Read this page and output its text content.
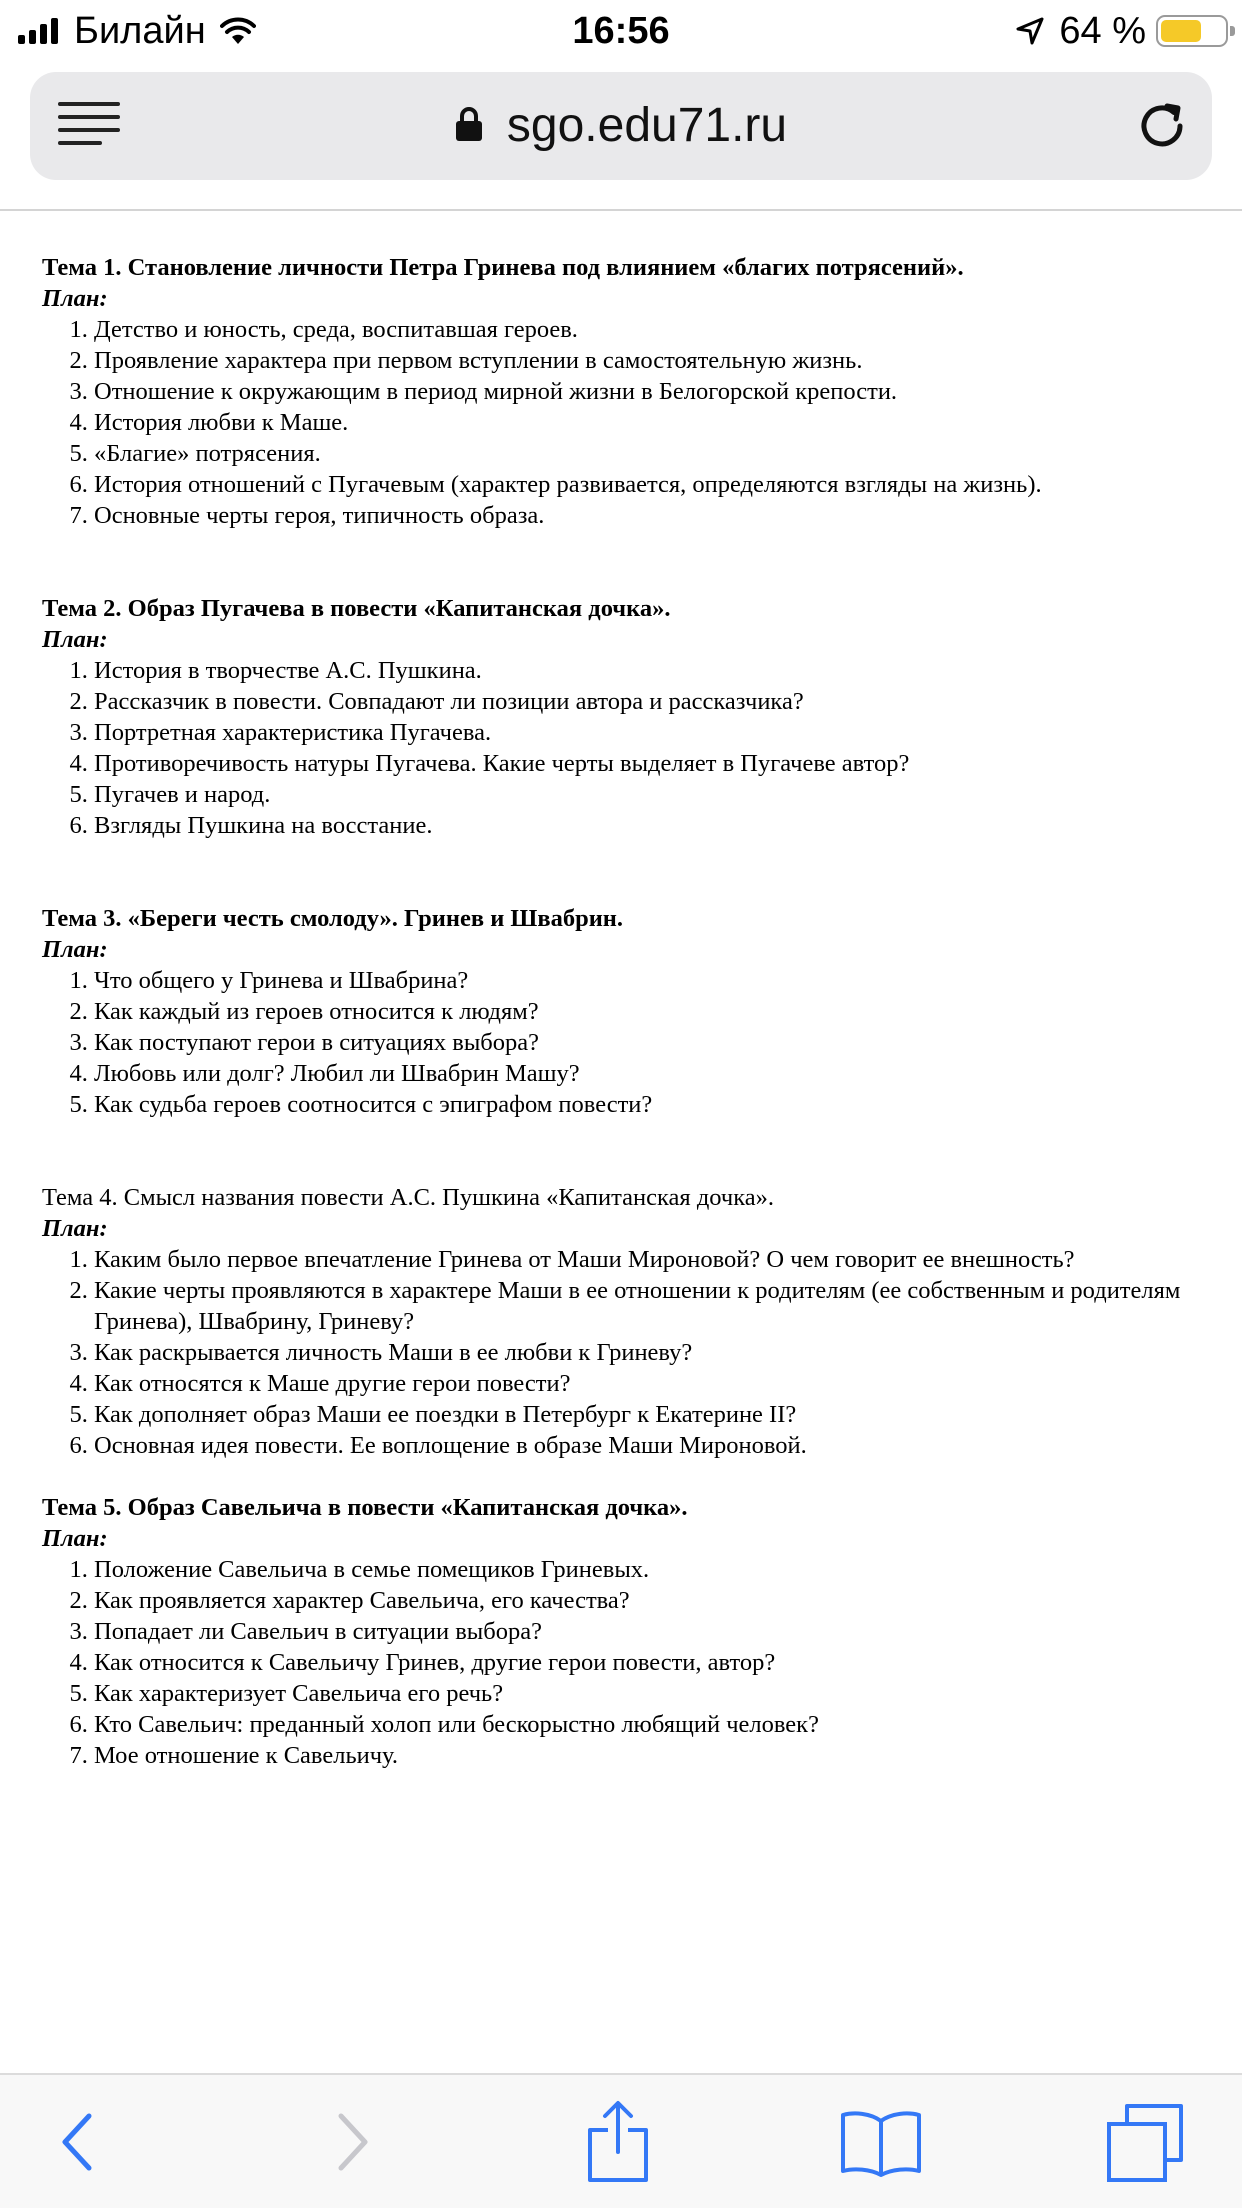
Билайн	16:56	64 %
sgo.edu71.ru
Тема 1. Становление личности Петра Гринева под влиянием «благих потрясений».
План:
1. Детство и юность, среда, воспитавшая героев.
2. Проявление характера при первом вступлении в самостоятельную жизнь.
3. Отношение к окружающим в период мирной жизни в Белогорской крепости.
4. История любви к Маше.
5. «Благие» потрясения.
6. История отношений с Пугачевым (характер развивается, определяются взгляды на жизнь).
7. Основные черты героя, типичность образа.
Тема 2. Образ Пугачева в повести «Капитанская дочка».
План:
1. История в творчестве А.С. Пушкина.
2. Рассказчик в повести. Совпадают ли позиции автора и рассказчика?
3. Портретная характеристика Пугачева.
4. Противоречивость натуры Пугачева. Какие черты выделяет в Пугачеве автор?
5. Пугачев и народ.
6. Взгляды Пушкина на восстание.
Тема 3. «Береги честь смолоду». Гринев и Швабрин.
План:
1. Что общего у Гринева и Швабрина?
2. Как каждый из героев относится к людям?
3. Как поступают герои в ситуациях выбора?
4. Любовь или долг? Любил ли Швабрин Машу?
5. Как судьба героев соотносится с эпиграфом повести?
Тема 4. Смысл названия повести А.С. Пушкина «Капитанская дочка».
План:
1. Каким было первое впечатление Гринева от Маши Мироновой? О чем говорит ее внешность?
2. Какие черты проявляются в характере Маши в ее отношении к родителям (ее собственным и родителям Гринева), Швабрину, Гриневу?
3. Как раскрывается личность Маши в ее любви к Гриневу?
4. Как относятся к Маше другие герои повести?
5. Как дополняет образ Маши ее поездки в Петербург к Екатерине II?
6. Основная идея повести. Ее воплощение в образе Маши Мироновой.
Тема 5. Образ Савельича в повести «Капитанская дочка».
План:
1. Положение Савельича в семье помещиков Гриневых.
2. Как проявляется характер Савельича, его качества?
3. Попадает ли Савельич в ситуации выбора?
4. Как относится к Савельичу Гринев, другие герои повести, автор?
5. Как характеризует Савельича его речь?
6. Кто Савельич: преданный холоп или бескорыстно любящий человек?
7. Мое отношение к Савельичу.
